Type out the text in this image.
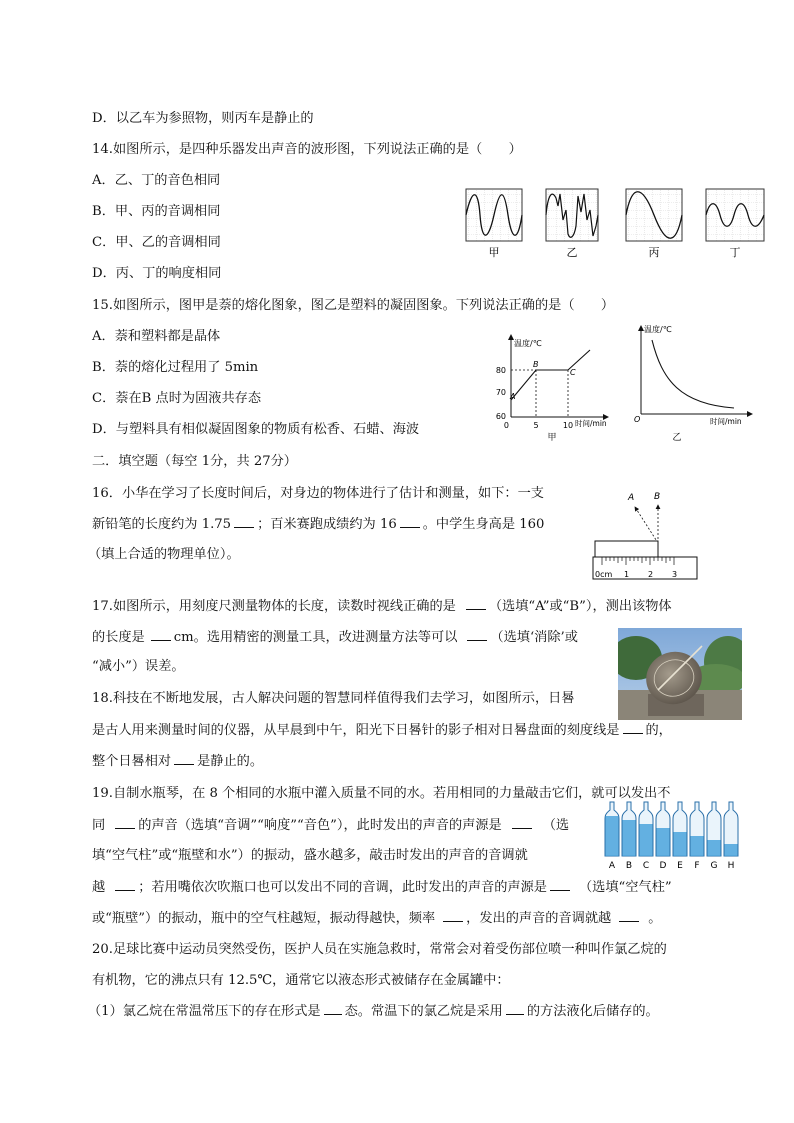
D．以乙车为参照物，则丙车是静止的
14.如图所示，是四种乐器发出声音的波形图，下列说法正确的是（　　）
A．乙、丁的音色相同
B．甲、丙的音调相同
C．甲、乙的音调相同
D．丙、丁的响度相同
15.如图所示，图甲是萘的熔化图象，图乙是塑料的凝固图象。下列说法正确的是（　　）
A．萘和塑料都是晶体
B．萘的熔化过程用了 5min
C．萘在B 点时为固液共存态
D．与塑料具有相似凝固图象的物质有松香、石蜡、海波
二．填空题（每空 1分，共 27分）
16．小华在学习了长度时间后，对身边的物体进行了估计和测量，如下：一支
新铅笔的长度约为 1.75 ；百米赛跑成绩约为 16 。中学生身高是 160
（填上合适的物理单位）。
17.如图所示，用刻度尺测量物体的长度，读数时视线正确的是	（选填“A”或“B”），测出该物体
的长度是 cm。选用精密的测量工具，改进测量方法等可以	（选填‘消除’或
“减小”）误差。
18.科技在不断地发展，古人解决问题的智慧同样值得我们去学习，如图所示，日晷
是古人用来测量时间的仪器，从早晨到中午，阳光下日晷针的影子相对日晷盘面的刻度线是 的，
整个日晷相对 是静止的。
19.自制水瓶琴，在 8 个相同的水瓶中灌入质量不同的水。若用相同的力量敲击它们，就可以发出不
同	的声音（选填“音调”“响度”“音色”），此时发出的声音的声源是	（选
填“空气柱”或“瓶壁和水”）的振动，盛水越多，敲击时发出的声音的音调就
越	；若用嘴依次吹瓶口也可以发出不同的音调，此时发出的声音的声源是 （选填“空气柱”
或“瓶壁”）的振动，瓶中的空气柱越短，振动得越快，频率 ，发出的声音的音调就越	。
20.足球比赛中运动员突然受伤，医护人员在实施急救时，常常会对着受伤部位喷一种叫作氯乙烷的
有机物，它的沸点只有 12.5℃，通常它以液态形式被储存在金属罐中：
（1）氯乙烷在常温常压下的存在形式是 态。常温下的氯乙烷是采用 的方法液化后储存的。
甲	乙	丙	丁
温度/℃
时间/min
80
70
60
0	5	10
A
B
C
甲
温度/℃
时间/min
O
乙
A B
0cm 1 2 3
A B C D E F G H
